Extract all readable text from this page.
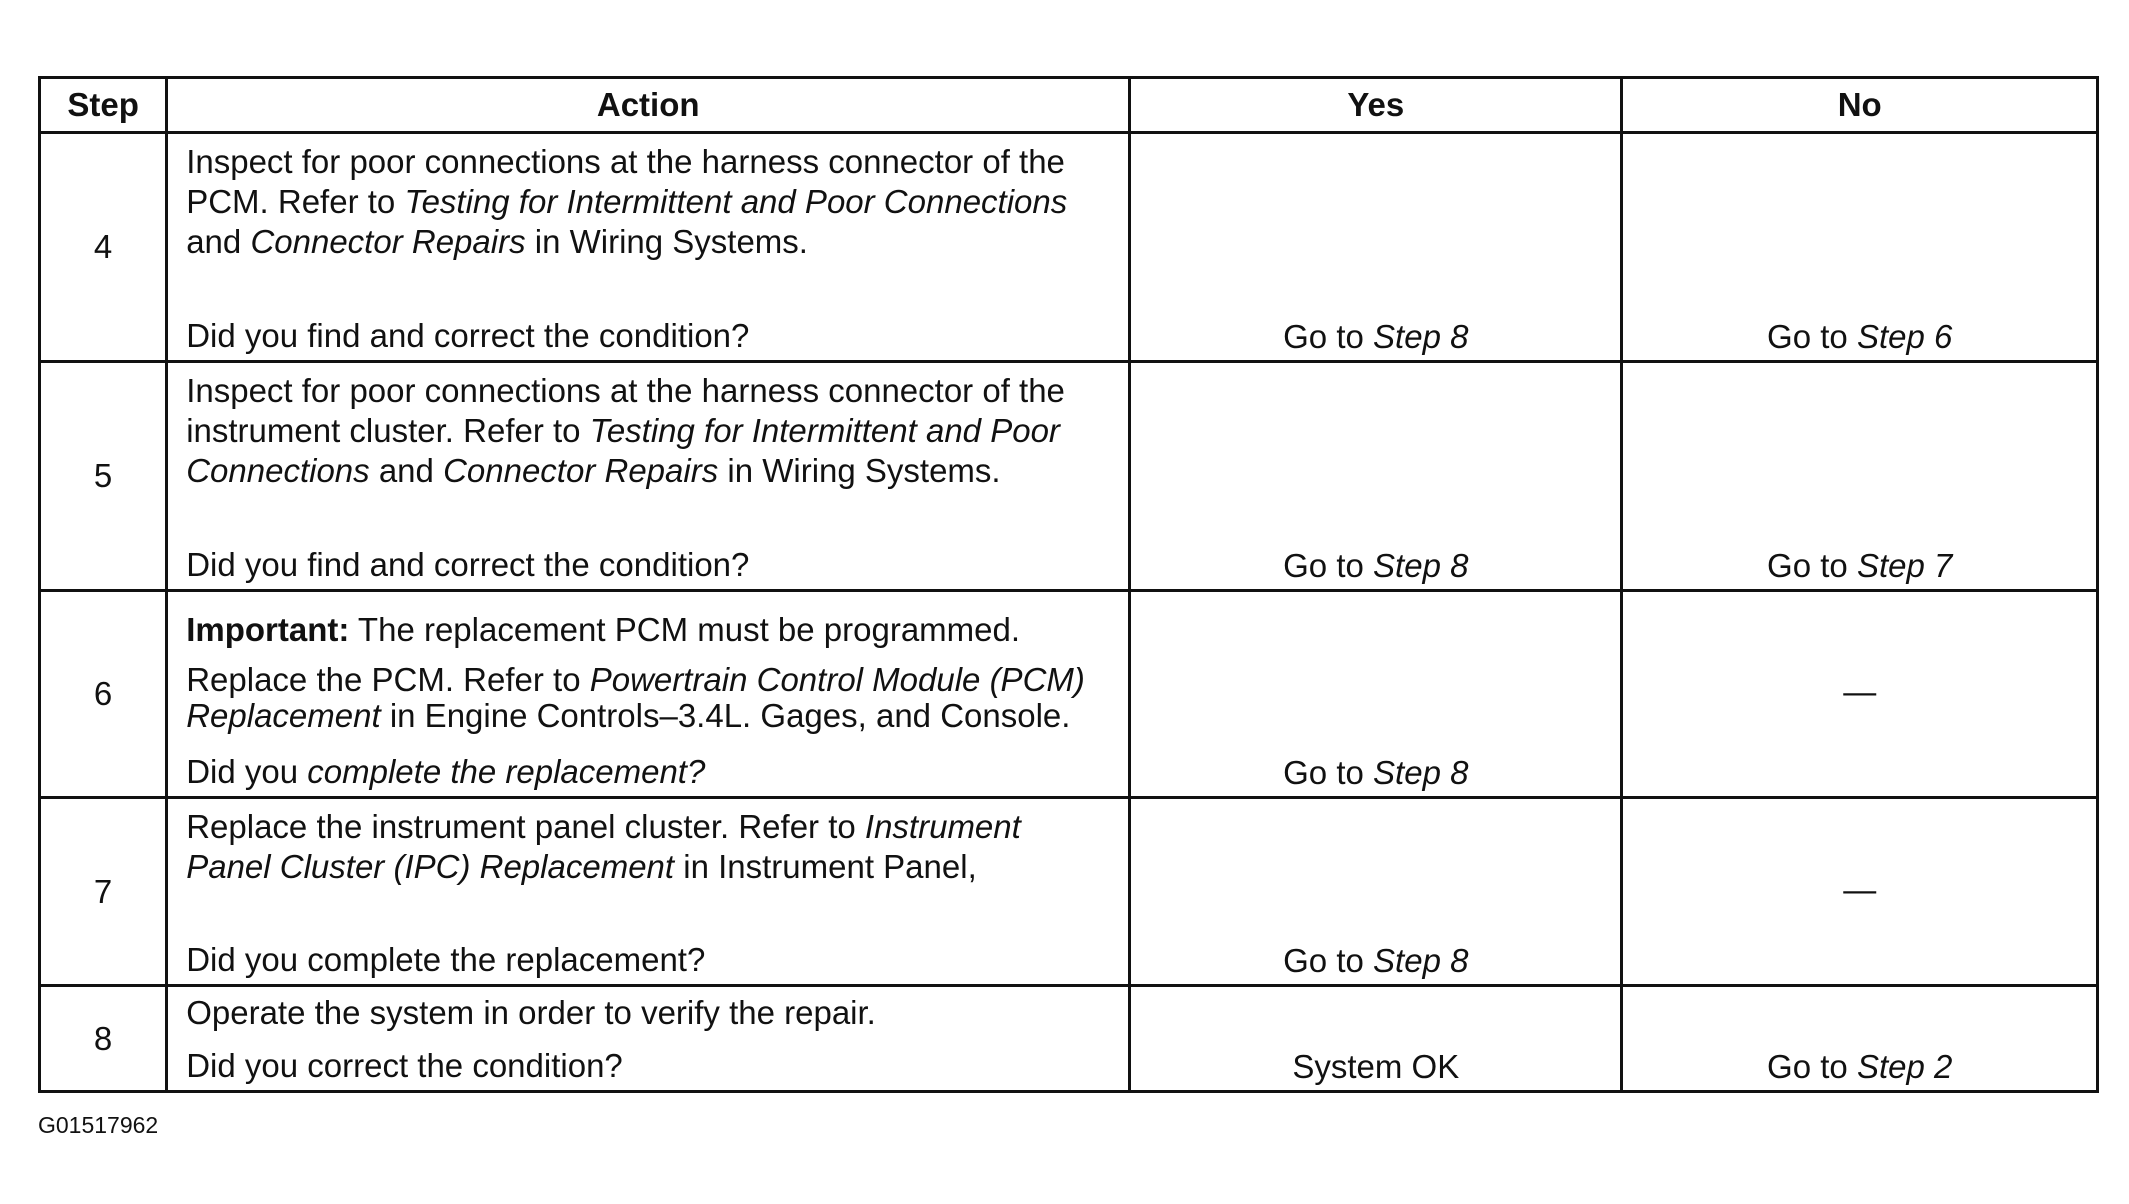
Step	Action	Yes	No
4	Inspect for poor connections at the harness connector of the PCM. Refer to Testing for Intermittent and Poor Connections and Connector Repairs in Wiring Systems.
Did you find and correct the condition?	Go to Step 8	Go to Step 6

5	Inspect for poor connections at the harness connector of the instrument cluster. Refer to Testing for Intermittent and Poor Connections and Connector Repairs in Wiring Systems.
Did you find and correct the condition?	Go to Step 8	Go to Step 7

6	Important: The replacement PCM must be programmed.
Replace the PCM. Refer to Powertrain Control Module (PCM) Replacement in Engine Controls–3.4L. Gages, and Console.
Did you complete the replacement?	Go to Step 8	—

7	Replace the instrument panel cluster. Refer to Instrument Panel Cluster (IPC) Replacement in Instrument Panel,
Did you complete the replacement?	Go to Step 8	—

8	Operate the system in order to verify the repair.
Did you correct the condition?	System OK	Go to Step 2
G01517962
